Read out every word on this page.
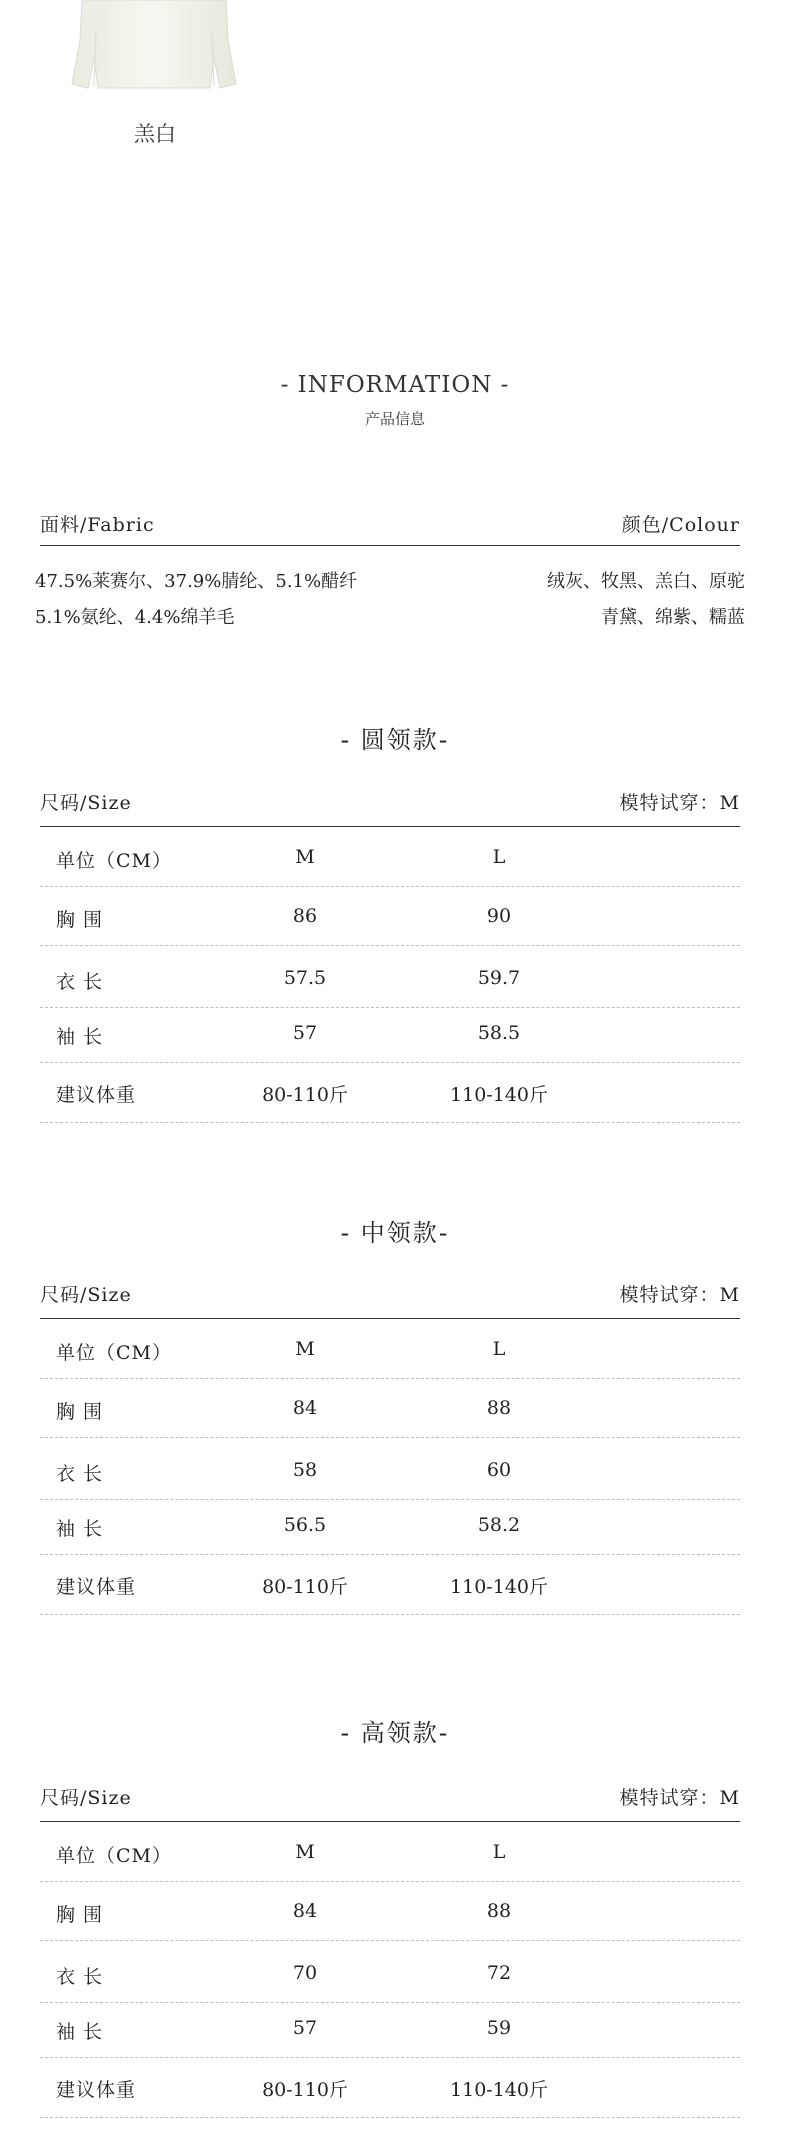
羔白
- INFORMATION -
产品信息
面料/Fabric	颜色/Colour
47.5%莱赛尔、37.9%腈纶、5.1%醋纤	绒灰、牧黑、羔白、原驼
5.1%氨纶、4.4%绵羊毛	青黛、绵紫、糯蓝
- 圆领款-
尺码/Size	模特试穿：M
单位（CM）	M	L
胸 围	86	90
衣 长	57.5	59.7
袖 长	57	58.5
建议体重	80-110斤	110-140斤
- 中领款-
尺码/Size	模特试穿：M
单位（CM）	M	L
胸 围	84	88
衣 长	58	60
袖 长	56.5	58.2
建议体重	80-110斤	110-140斤
- 高领款-
尺码/Size	模特试穿：M
单位（CM）	M	L
胸 围	84	88
衣 长	70	72
袖 长	57	59
建议体重	80-110斤	110-140斤
